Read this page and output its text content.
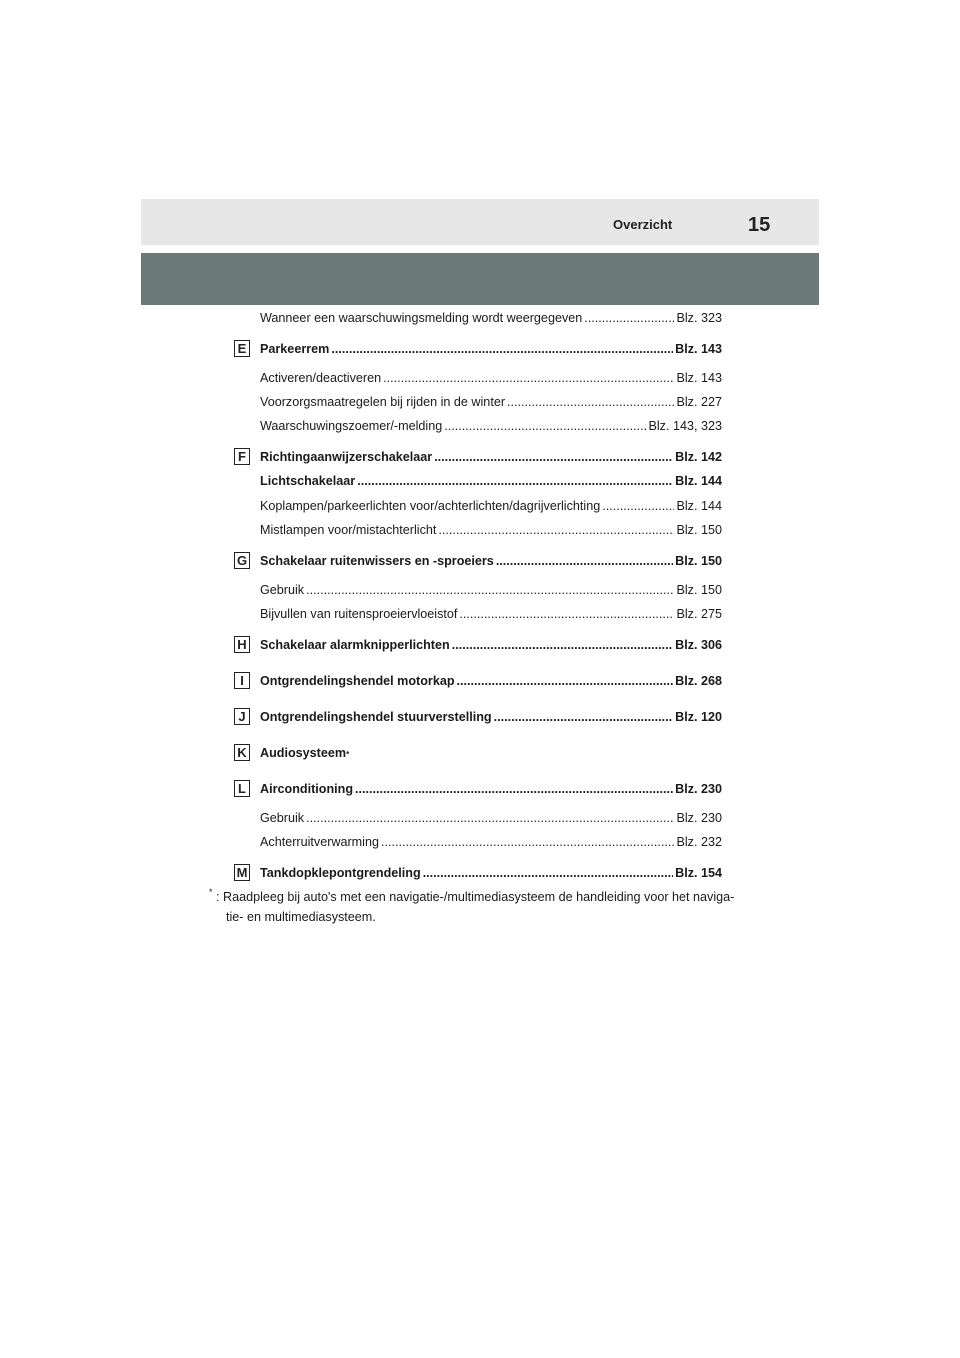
Overzicht	15
Wanneer een waarschuwingsmelding wordt weergegeven .....	Blz. 323
E Parkeerrem .....	Blz. 143
Activeren/deactiveren .....	Blz. 143
Voorzorgsmaatregelen bij rijden in de winter .....	Blz. 227
Waarschuwingszoemer/-melding .....	Blz. 143, 323
F	Richtingaanwijzerschakelaar .....	Blz. 142
Lichtschakelaar .....	Blz. 144
Koplampen/parkeerlichten voor/achterlichten/dagrijverlichting .....	Blz. 144
Mistlampen voor/mistachterlicht .....	Blz. 150
G Schakelaar ruitenwissers en -sproeiers .....	Blz. 150
Gebruik .....	Blz. 150
Bijvullen van ruitensproeiervloeistof .....	Blz. 275
H Schakelaar alarmknipperlichten .....	Blz. 306
I	Ontgrendelingshendel motorkap .....	Blz. 268
J	Ontgrendelingshendel stuurverstelling .....	Blz. 120
K Audiosysteem *
L	Airconditioning .....	Blz. 230
Gebruik .....	Blz. 230
Achterruitverwarming .....	Blz. 232
M Tankdopklepontgrendeling .....	Blz. 154
* : Raadpleeg bij auto's met een navigatie-/multimediasysteem de handleiding voor het naviga-
tie- en multimediasysteem.
